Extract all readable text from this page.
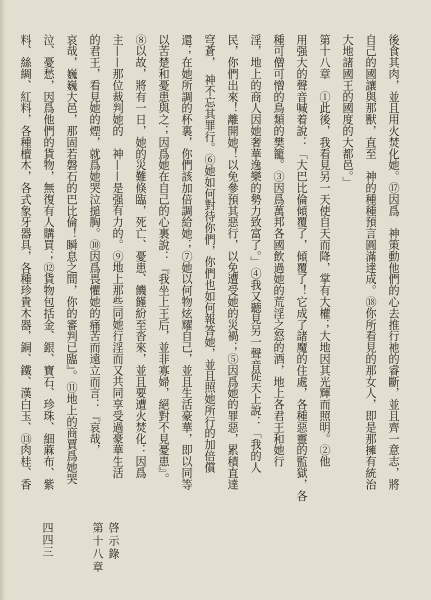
後食其肉，並且用火焚化她。⑰因爲　神策動他們的心去推行祂的睿斷，並且齊一意志，將
自己的國讓與那獸，直至　神的種種預言圓滿達成。⑱你所看見的那女人，即是那擁有統治
大地諸國王的國度的大都邑。」
第十八章　①此後，我看見另一天使自天而降，掌有大權；大地因其光輝而照明。②他
用强大的聲音喊着說：「大巴比倫傾覆了，傾覆了！它成了諸魔的住處，各種惡靈的監獄，各
種可僧可憎的鳥類的樊籠。③因爲萬邦各國飲過她的荒淫之怒的酒，地上各君王和她行
淫，地上的商人因她奢華逸樂的勢力致富了。」④我又聽見另一聲音從天上說：「我的人
民，你們出來！離開她！以免參預其惡行，以免遭受她的災禍；⑤因爲她的罪惡，累積直達
穹蒼，　神不忘其罪行。⑥她如何對待你們，你們也如何報答她，並且照她所行的加倍償
還；在她所調的杯裏，你們該加倍調給她；⑦她以何物炫耀自己，並且生活豪華，即以同等
以苦楚和憂患與之；因爲她在自己的心裏說：『我坐上王后，並非寡婦，絕對不見憂患』。
⑧以故，將有一日，她的災難倏臨，死亡、憂患、饑饉紛至沓來，並且要遭火焚化：因爲
主——那位裁判她的　神——是强有力的。⑨地上那些同她行淫而又共同享受過豪華生活
的君王，看見她的煙，就爲她哭泣搥胸。⑩因爲畏懼她的痛苦而遠立而言：『哀哉，
哀哉，巍巍大邑，那固若磐石的巴比倫！瞬息之間，你的審判已臨』。⑪地上的商賈爲她哭
泣、憂愁，因爲他們的貨物，無復有人購買；⑫貨物包括金、銀、寶石、珍珠、細蔴布、紫
料、絲綢、紅料，各種檀木，各式象牙器具，各種珍貴木器，銅、鐵、漢白玉、⑬肉桂、香
啓示錄
第十八章
四四三
